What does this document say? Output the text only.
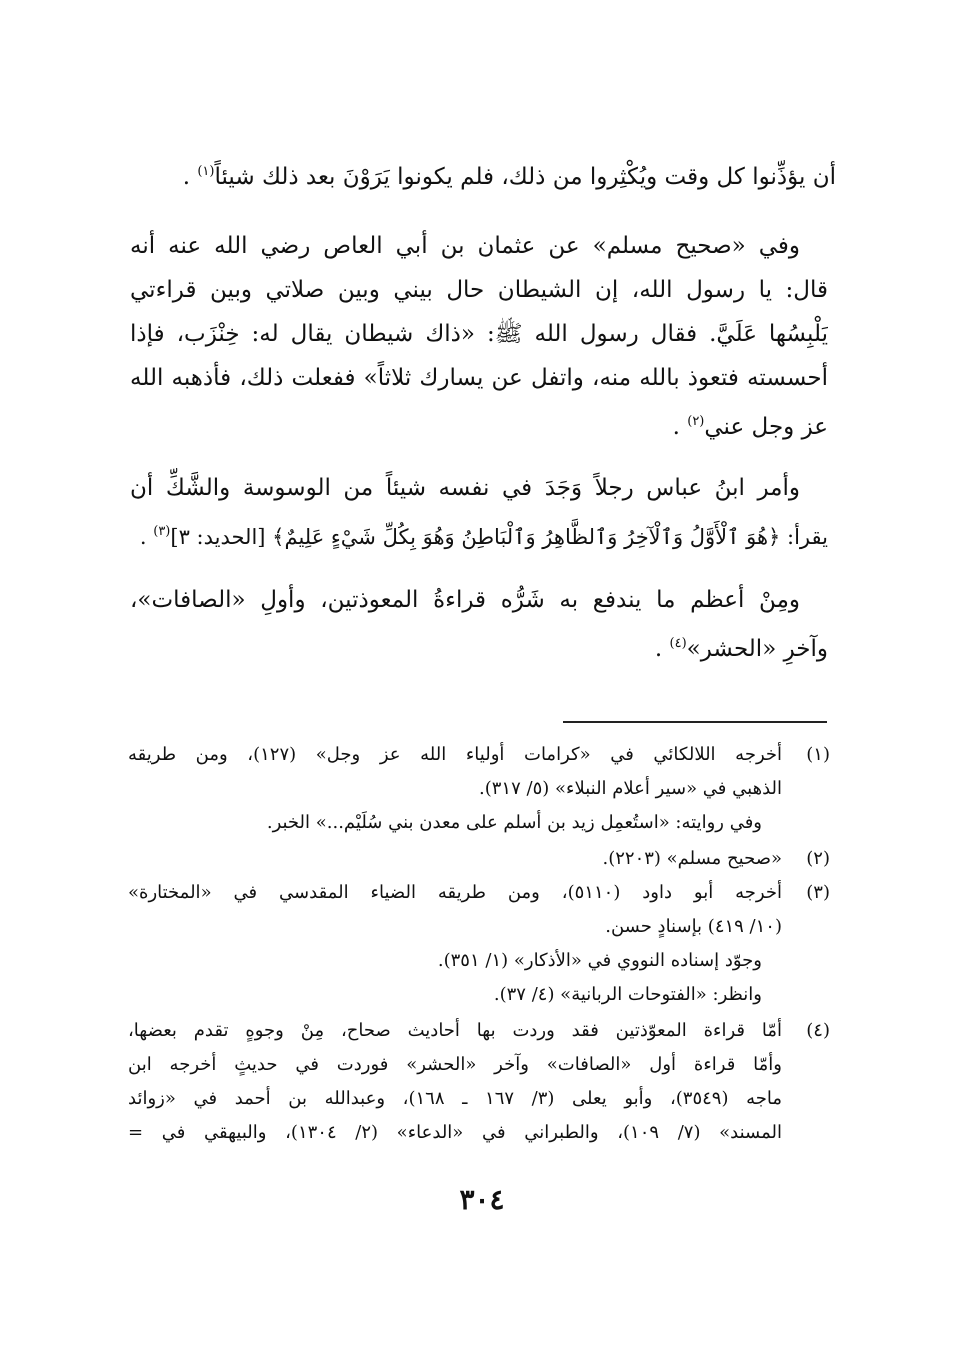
أن يؤذِّنوا كل وقت ويُكْثِروا من ذلك، فلم يكونوا يَرَوْنَ بعد ذلك شيئاً$^{(١)}$ .
وفي «صحيح مسلم» عن عثمان بن أبي العاص رضي الله عنه أنه
قال: يا رسول الله، إن الشيطان حال بيني وبين صلاتي وبين قراءتي
يَلْبِسُها عَلَيَّ. فقال رسول الله ﷺ: «ذاك شيطان يقال له: خِنْزَب، فإذا
أحسسته فتعوذ بالله منه، واتفل عن يسارك ثلاثاً» ففعلت ذلك، فأذهبه الله
عز وجل عني$^{(٢)}$ .
وأمر ابنُ عباس رجلاً وَجَدَ في نفسه شيئاً من الوسوسة والشَّكِّ أن
يقرأ: ﴿هُوَ ٱلْأَوَّلُ وَٱلْآخِرُ وَٱلظَّاهِرُ وَٱلْبَاطِنُ وَهُوَ بِكُلِّ شَيْءٍ عَلِيمٌ﴾ [الحديد: ٣]$^{(٣)}$ .
ومِنْ أعظم ما يندفع به شَرُّه قراءةُ المعوذتين، وأولِ «الصافات»،
وآخرِ «الحشر»$^{(٤)}$ .
(١)
أخرجه اللالكائي في «كرامات أولياء الله عز وجل» (١٢٧)، ومن طريقه
الذهبي في «سير أعلام النبلاء» (٥/ ٣١٧).
وفي روايته: «استُعمِل زيد بن أسلم على معدن بني سُلَيْم...» الخبر.
(٢)
«صحيح مسلم» (٢٢٠٣).
(٣)
أخرجه أبو داود (٥١١٠)، ومن طريقه الضياء المقدسي في «المختارة»
(١٠/ ٤١٩) بإسنادٍ حسن.
وجوّد إسناده النووي في «الأذكار» (١/ ٣٥١).
وانظر: «الفتوحات الربانية» (٤/ ٣٧).
(٤)
أمّا قراءة المعوّذتين فقد وردت بها أحاديث صحاح، مِنْ وجوهٍ تقدم بعضها،
وأمّا قراءة أول «الصافات» وآخر «الحشر» فوردت في حديثٍ أخرجه ابن
ماجه (٣٥٤٩)، وأبو يعلى (٣/ ١٦٧ ـ ١٦٨)، وعبدالله بن أحمد في «زوائد
المسند» (٧/ ١٠٩)، والطبراني في «الدعاء» (٢/ ١٣٠٤)، والبيهقي في =
٣٠٤
